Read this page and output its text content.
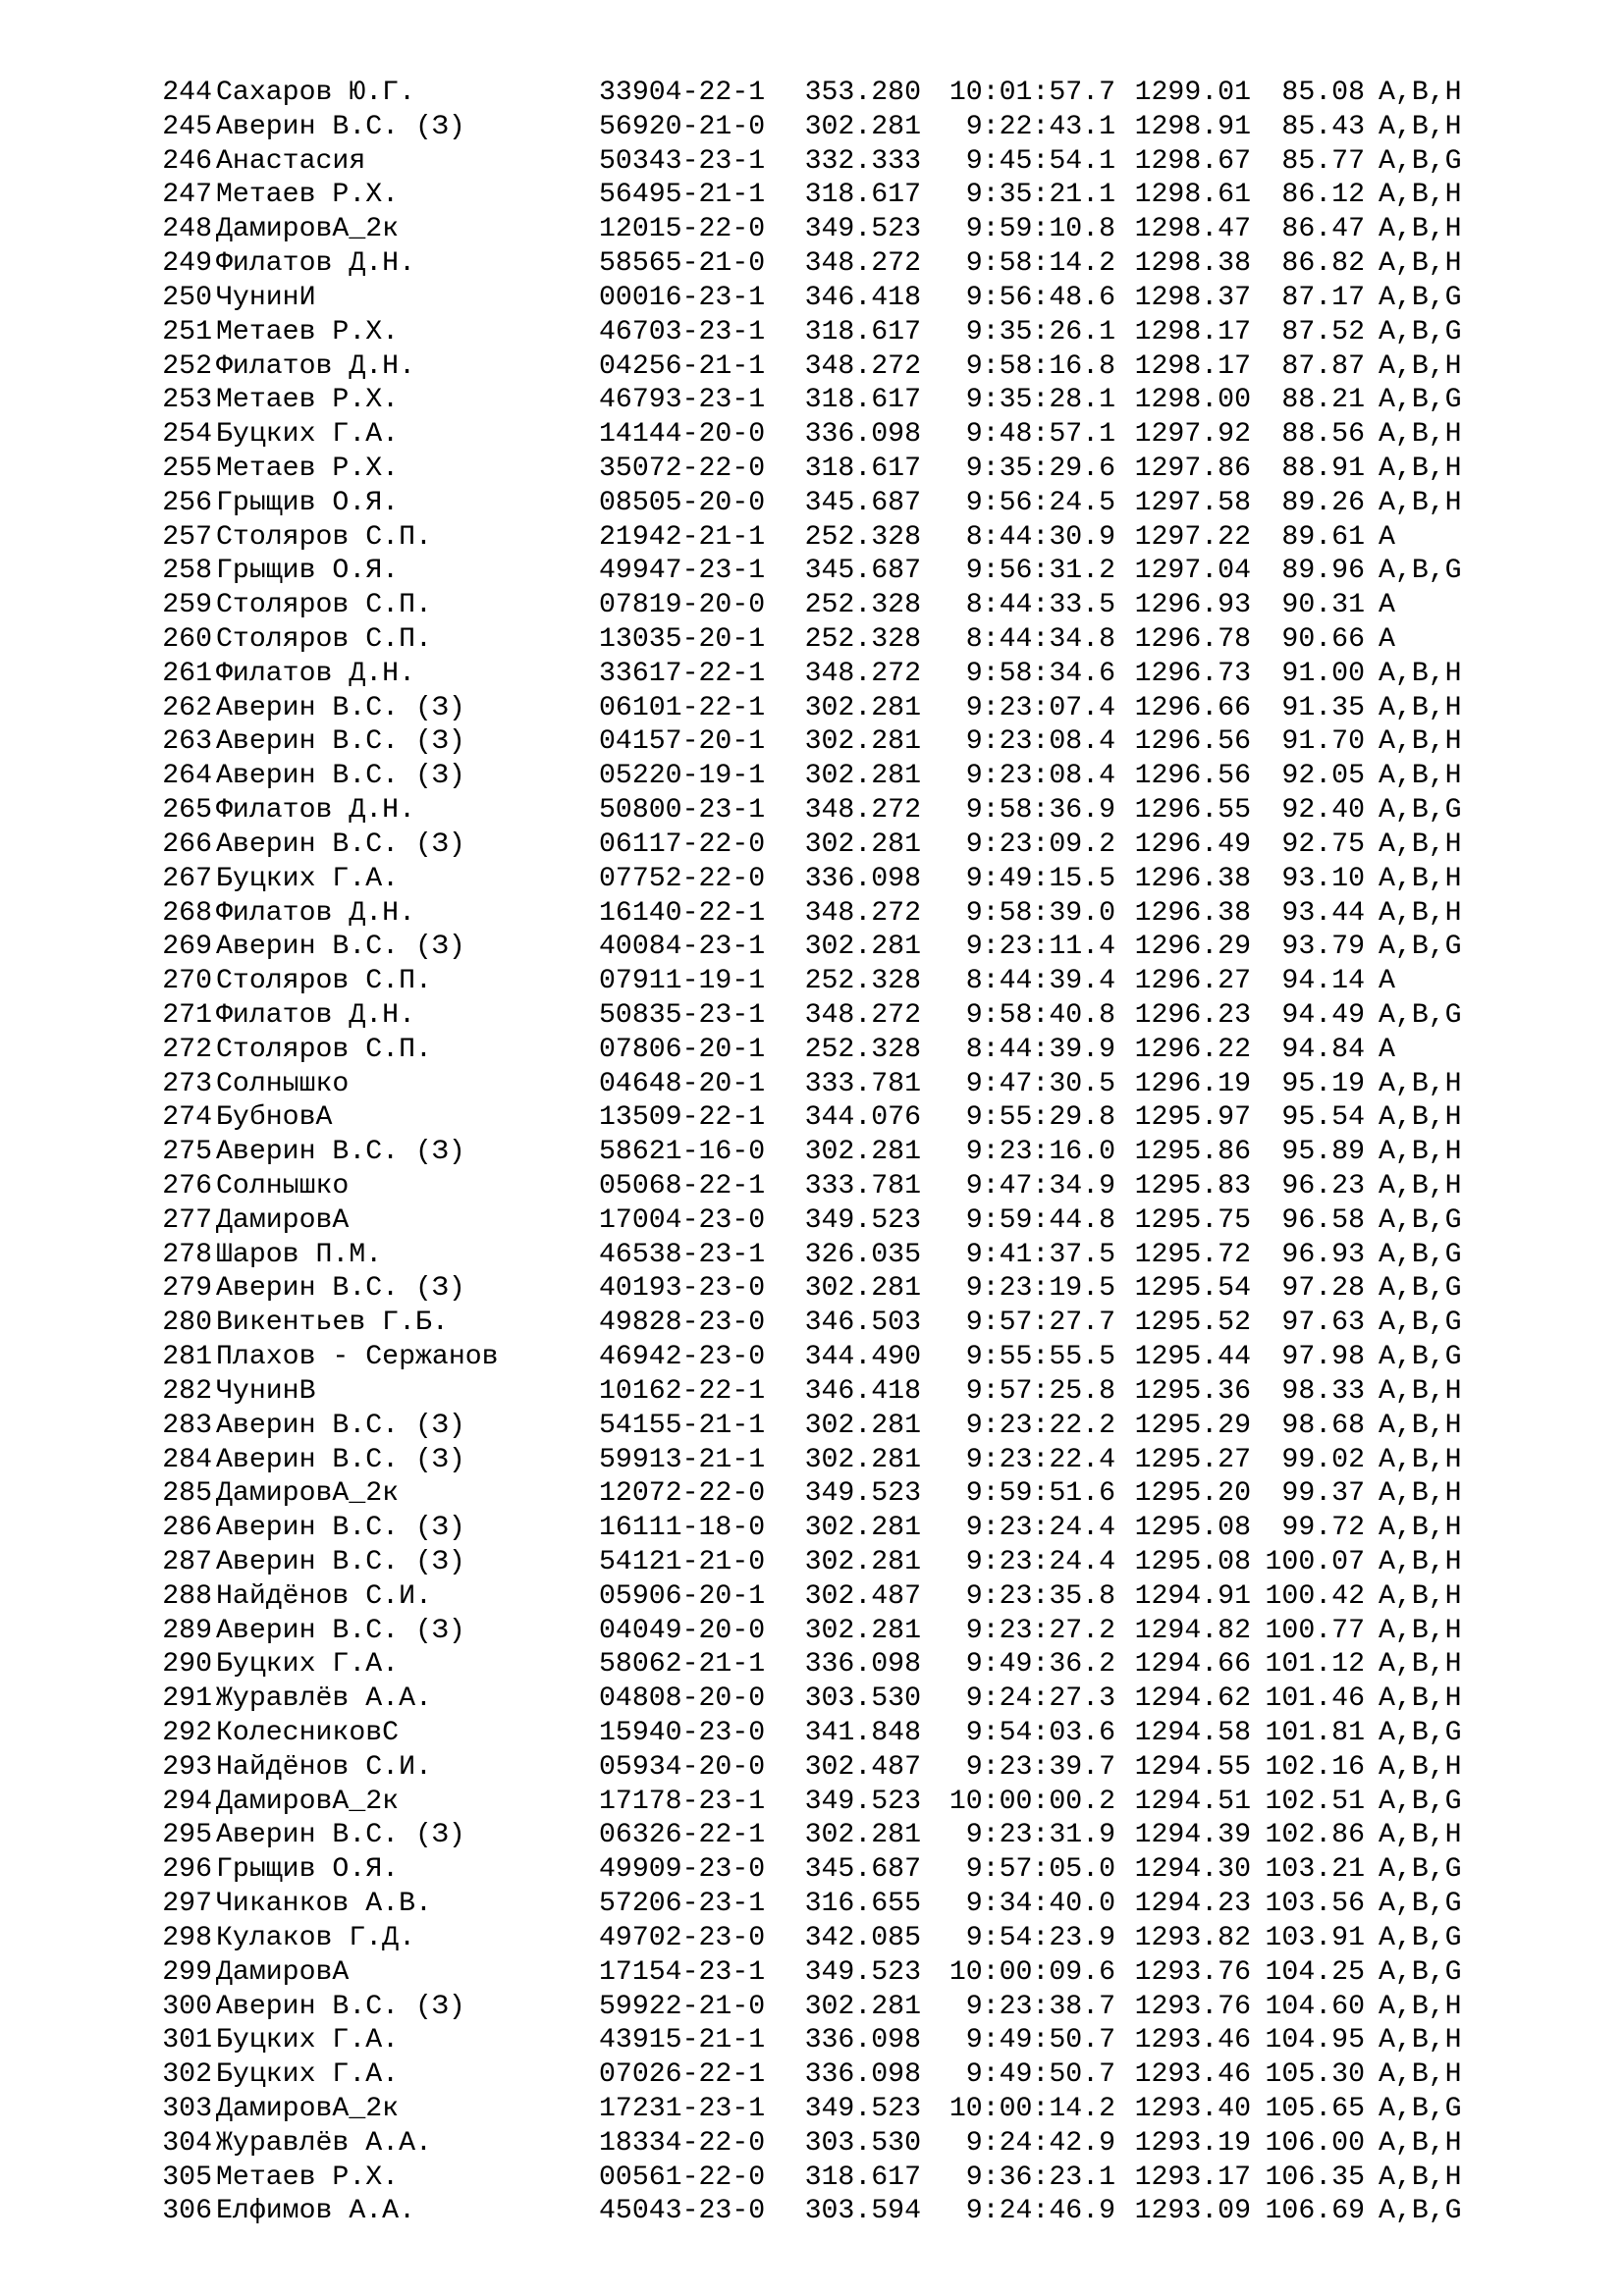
244 Сахаров Ю.Г.	33904-22-1	353.280	10:01:57.7 1299.01	85.08 A,B,H
245 Аверин В.С. (З)	56920-21-0	302.281	9:22:43.1 1298.91	85.43 A,B,H
246 Анастасия	50343-23-1	332.333	9:45:54.1 1298.67	85.77 A,B,G
247 Метаев Р.Х.	56495-21-1	318.617	9:35:21.1 1298.61	86.12 A,B,H
248 ДамировА_2к	12015-22-0	349.523	9:59:10.8 1298.47	86.47 A,B,H
249 Филатов Д.Н.	58565-21-0	348.272	9:58:14.2 1298.38	86.82 A,B,H
250 ЧунинИ	00016-23-1	346.418	9:56:48.6 1298.37	87.17 A,B,G
251 Метаев Р.Х.	46703-23-1	318.617	9:35:26.1 1298.17	87.52 A,B,G
252 Филатов Д.Н.	04256-21-1	348.272	9:58:16.8 1298.17	87.87 A,B,H
253 Метаев Р.Х.	46793-23-1	318.617	9:35:28.1 1298.00	88.21 A,B,G
254 Буцких Г.А.	14144-20-0	336.098	9:48:57.1 1297.92	88.56 A,B,H
255 Метаев Р.Х.	35072-22-0	318.617	9:35:29.6 1297.86	88.91 A,B,H
256 Грыщив О.Я.	08505-20-0	345.687	9:56:24.5 1297.58	89.26 A,B,H
257 Столяров С.П.	21942-21-1	252.328	8:44:30.9 1297.22	89.61 A
258 Грыщив О.Я.	49947-23-1	345.687	9:56:31.2 1297.04	89.96 A,B,G
259 Столяров С.П.	07819-20-0	252.328	8:44:33.5 1296.93	90.31 A
260 Столяров С.П.	13035-20-1	252.328	8:44:34.8 1296.78	90.66 A
261 Филатов Д.Н.	33617-22-1	348.272	9:58:34.6 1296.73	91.00 A,B,H
262 Аверин В.С. (З)	06101-22-1	302.281	9:23:07.4 1296.66	91.35 A,B,H
263 Аверин В.С. (З)	04157-20-1	302.281	9:23:08.4 1296.56	91.70 A,B,H
264 Аверин В.С. (З)	05220-19-1	302.281	9:23:08.4 1296.56	92.05 A,B,H
265 Филатов Д.Н.	50800-23-1	348.272	9:58:36.9 1296.55	92.40 A,B,G
266 Аверин В.С. (З)	06117-22-0	302.281	9:23:09.2 1296.49	92.75 A,B,H
267 Буцких Г.А.	07752-22-0	336.098	9:49:15.5 1296.38	93.10 A,B,H
268 Филатов Д.Н.	16140-22-1	348.272	9:58:39.0 1296.38	93.44 A,B,H
269 Аверин В.С. (З)	40084-23-1	302.281	9:23:11.4 1296.29	93.79 A,B,G
270 Столяров С.П.	07911-19-1	252.328	8:44:39.4 1296.27	94.14 A
271 Филатов Д.Н.	50835-23-1	348.272	9:58:40.8 1296.23	94.49 A,B,G
272 Столяров С.П.	07806-20-1	252.328	8:44:39.9 1296.22	94.84 A
273 Солнышко	04648-20-1	333.781	9:47:30.5 1296.19	95.19 A,B,H
274 БубновА	13509-22-1	344.076	9:55:29.8 1295.97	95.54 A,B,H
275 Аверин В.С. (З)	58621-16-0	302.281	9:23:16.0 1295.86	95.89 A,B,H
276 Солнышко	05068-22-1	333.781	9:47:34.9 1295.83	96.23 A,B,H
277 ДамировА	17004-23-0	349.523	9:59:44.8 1295.75	96.58 A,B,G
278 Шаров П.М.	46538-23-1	326.035	9:41:37.5 1295.72	96.93 A,B,G
279 Аверин В.С. (З)	40193-23-0	302.281	9:23:19.5 1295.54	97.28 A,B,G
280 Викентьев Г.Б.	49828-23-0	346.503	9:57:27.7 1295.52	97.63 A,B,G
281 Плахов - Сержанов	46942-23-0	344.490	9:55:55.5 1295.44	97.98 A,B,G
282 ЧунинВ	10162-22-1	346.418	9:57:25.8 1295.36	98.33 A,B,H
283 Аверин В.С. (З)	54155-21-1	302.281	9:23:22.2 1295.29	98.68 A,B,H
284 Аверин В.С. (З)	59913-21-1	302.281	9:23:22.4 1295.27	99.02 A,B,H
285 ДамировА_2к	12072-22-0	349.523	9:59:51.6 1295.20	99.37 A,B,H
286 Аверин В.С. (З)	16111-18-0	302.281	9:23:24.4 1295.08	99.72 A,B,H
287 Аверин В.С. (З)	54121-21-0	302.281	9:23:24.4 1295.08 100.07 A,B,H
288 Найдёнов С.И.	05906-20-1	302.487	9:23:35.8 1294.91 100.42 A,B,H
289 Аверин В.С. (З)	04049-20-0	302.281	9:23:27.2 1294.82 100.77 A,B,H
290 Буцких Г.А.	58062-21-1	336.098	9:49:36.2 1294.66 101.12 A,B,H
291 Журавлёв А.А.	04808-20-0	303.530	9:24:27.3 1294.62 101.46 A,B,H
292 КолесниковС	15940-23-0	341.848	9:54:03.6 1294.58 101.81 A,B,G
293 Найдёнов С.И.	05934-20-0	302.487	9:23:39.7 1294.55 102.16 A,B,H
294 ДамировА_2к	17178-23-1	349.523	10:00:00.2 1294.51 102.51 A,B,G
295 Аверин В.С. (З)	06326-22-1	302.281	9:23:31.9 1294.39 102.86 A,B,H
296 Грыщив О.Я.	49909-23-0	345.687	9:57:05.0 1294.30 103.21 A,B,G
297 Чиканков А.В.	57206-23-1	316.655	9:34:40.0 1294.23 103.56 A,B,G
298 Кулаков Г.Д.	49702-23-0	342.085	9:54:23.9 1293.82 103.91 A,B,G
299 ДамировА	17154-23-1	349.523	10:00:09.6 1293.76 104.25 A,B,G
300 Аверин В.С. (З)	59922-21-0	302.281	9:23:38.7 1293.76 104.60 A,B,H
301 Буцких Г.А.	43915-21-1	336.098	9:49:50.7 1293.46 104.95 A,B,H
302 Буцких Г.А.	07026-22-1	336.098	9:49:50.7 1293.46 105.30 A,B,H
303 ДамировА_2к	17231-23-1	349.523	10:00:14.2 1293.40 105.65 A,B,G
304 Журавлёв А.А.	18334-22-0	303.530	9:24:42.9 1293.19 106.00 A,B,H
305 Метаев Р.Х.	00561-22-0	318.617	9:36:23.1 1293.17 106.35 A,B,H
306 Елфимов А.А.	45043-23-0	303.594	9:24:46.9 1293.09 106.69 A,B,G
